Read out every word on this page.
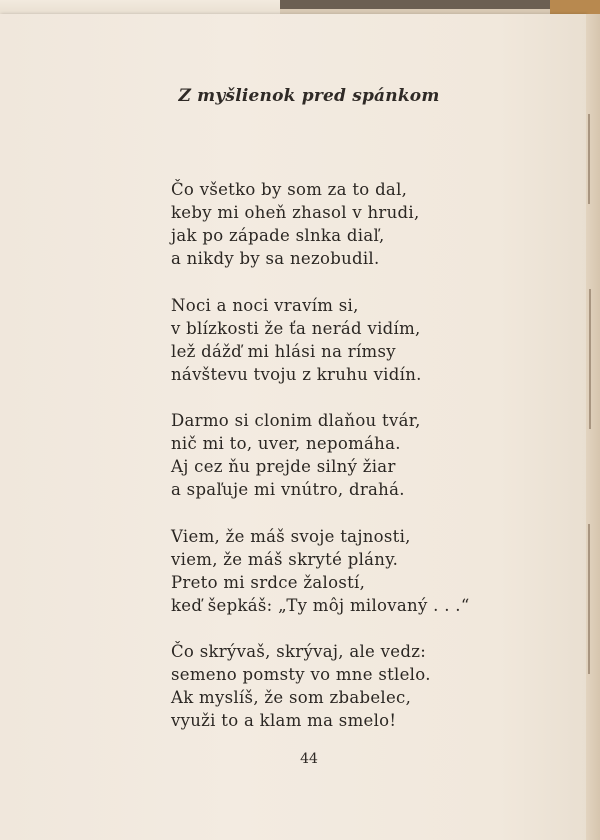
Z myšlienok pred spánkom
Čo všetko by som za to dal,
keby mi oheň zhasol v hrudi,
jak po západe slnka diaľ,
a nikdy by sa nezobudil.
Noci a noci vravím si,
v blízkosti že ťa nerád vidím,
lež dážď mi hlási na rímsy
návštevu tvoju z kruhu vidín.
Darmo si clonim dlaňou tvár,
nič mi to, uver, nepomáha.
Aj cez ňu prejde silný žiar
a spaľuje mi vnútro, drahá.
Viem, že máš svoje tajnosti,
viem, že máš skryté plány.
Preto mi srdce žalostí,
keď šepkáš: „Ty môj milovaný . . .“
Čo skrývaš, skrývaj, ale vedz:
semeno pomsty vo mne stlelo.
Ak myslíš, že som zbabelec,
využi to a klam ma smelo!
44
